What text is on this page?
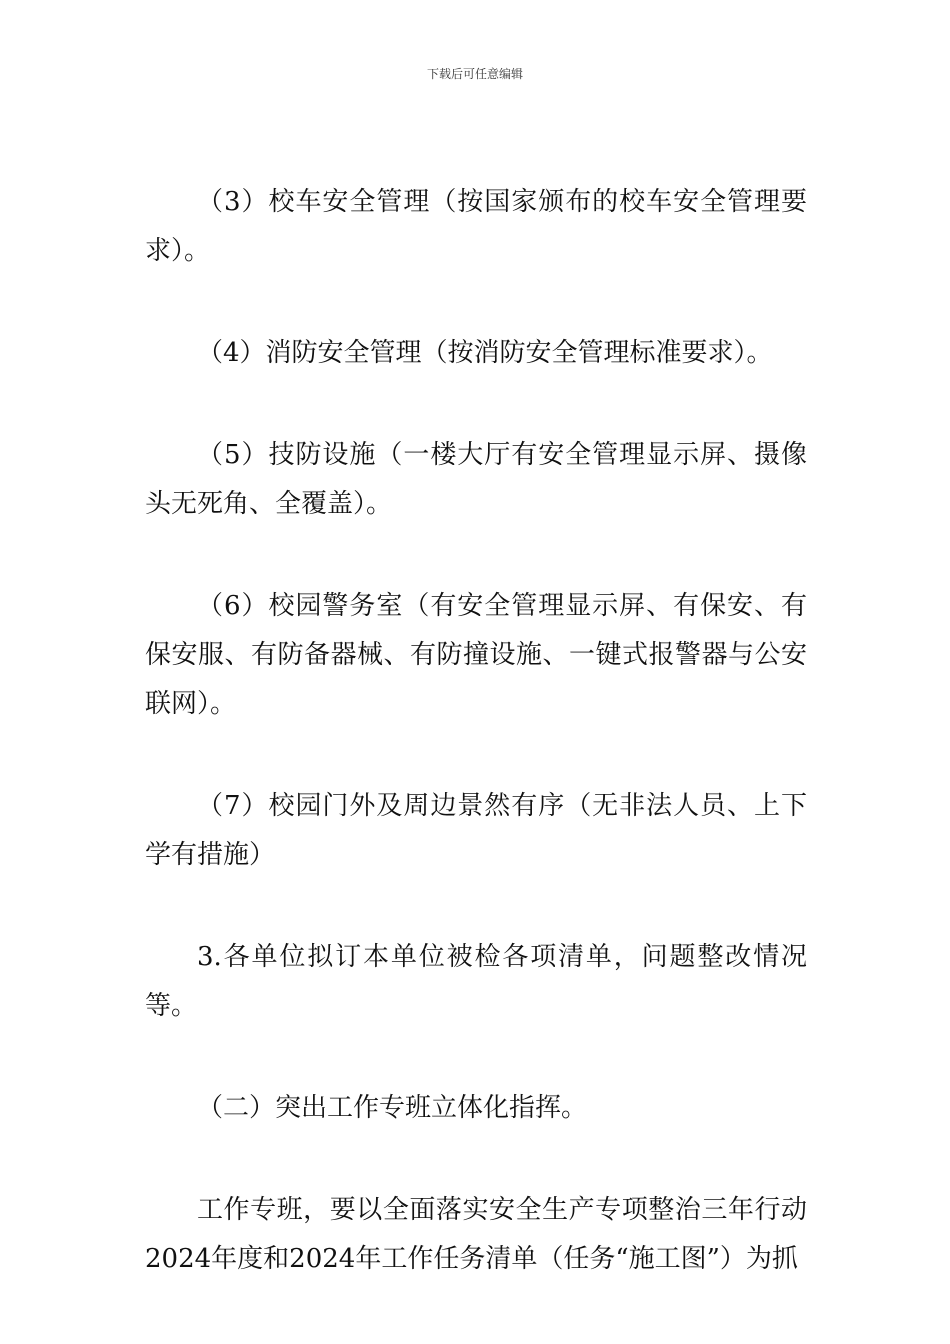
下载后可任意编辑

（3）校车安全管理（按国家颁布的校车安全管理要求）。

（4）消防安全管理（按消防安全管理标准要求）。

（5）技防设施（一楼大厅有安全管理显示屏、摄像头无死角、全覆盖）。

（6）校园警务室（有安全管理显示屏、有保安、有保安服、有防备器械、有防撞设施、一键式报警器与公安联网）。

（7）校园门外及周边景然有序（无非法人员、上下学有措施）

3.各单位拟订本单位被检各项清单，问题整改情况等。

（二）突出工作专班立体化指挥。

工作专班，要以全面落实安全生产专项整治三年行动2024年度和2024年工作任务清单（任务“施工图”）为抓
